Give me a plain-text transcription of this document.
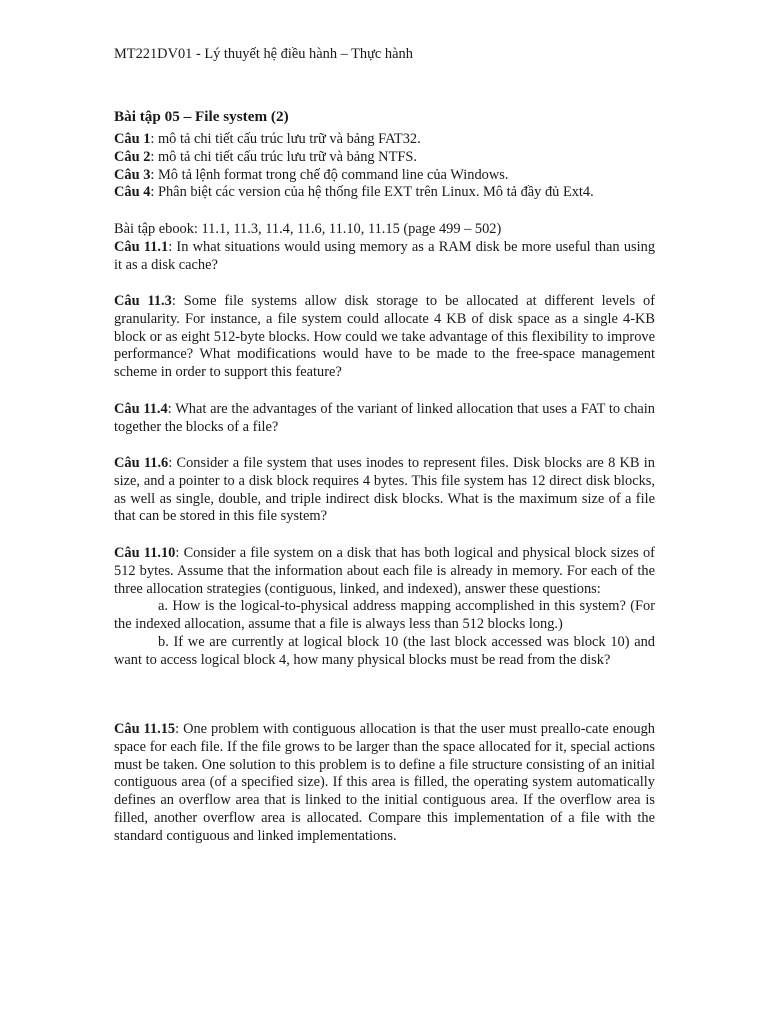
MT221DV01 - Lý thuyết hệ điều hành – Thực hành
Bài tập 05 – File system (2)
Câu 1: mô tả chi tiết cấu trúc lưu trữ và bảng FAT32.
Câu 2: mô tả chi tiết cấu trúc lưu trữ và bảng NTFS.
Câu 3: Mô tả lệnh format trong chế độ command line của Windows.
Câu 4: Phân biệt các version của hệ thống file EXT trên Linux. Mô tả đầy đủ Ext4.
Bài tập ebook: 11.1, 11.3, 11.4, 11.6, 11.10, 11.15 (page 499 – 502)
Câu 11.1: In what situations would using memory as a RAM disk be more useful than using it as a disk cache?
Câu 11.3: Some file systems allow disk storage to be allocated at different levels of granularity. For instance, a file system could allocate 4 KB of disk space as a single 4-KB block or as eight 512-byte blocks. How could we take advantage of this flexibility to improve performance? What modifications would have to be made to the free-space management scheme in order to support this feature?
Câu 11.4: What are the advantages of the variant of linked allocation that uses a FAT to chain together the blocks of a file?
Câu 11.6: Consider a file system that uses inodes to represent files. Disk blocks are 8 KB in size, and a pointer to a disk block requires 4 bytes. This file system has 12 direct disk blocks, as well as single, double, and triple indirect disk blocks. What is the maximum size of a file that can be stored in this file system?
Câu 11.10: Consider a file system on a disk that has both logical and physical block sizes of 512 bytes. Assume that the information about each file is already in memory. For each of the three allocation strategies (contiguous, linked, and indexed), answer these questions:
a. How is the logical-to-physical address mapping accomplished in this system? (For the indexed allocation, assume that a file is always less than 512 blocks long.)
b. If we are currently at logical block 10 (the last block accessed was block 10) and want to access logical block 4, how many physical blocks must be read from the disk?
Câu 11.15: One problem with contiguous allocation is that the user must preallo-cate enough space for each file. If the file grows to be larger than the space allocated for it, special actions must be taken. One solution to this problem is to define a file structure consisting of an initial contiguous area (of a specified size). If this area is filled, the operating system automatically defines an overflow area that is linked to the initial contiguous area. If the overflow area is filled, another overflow area is allocated. Compare this implementation of a file with the standard contiguous and linked implementations.
